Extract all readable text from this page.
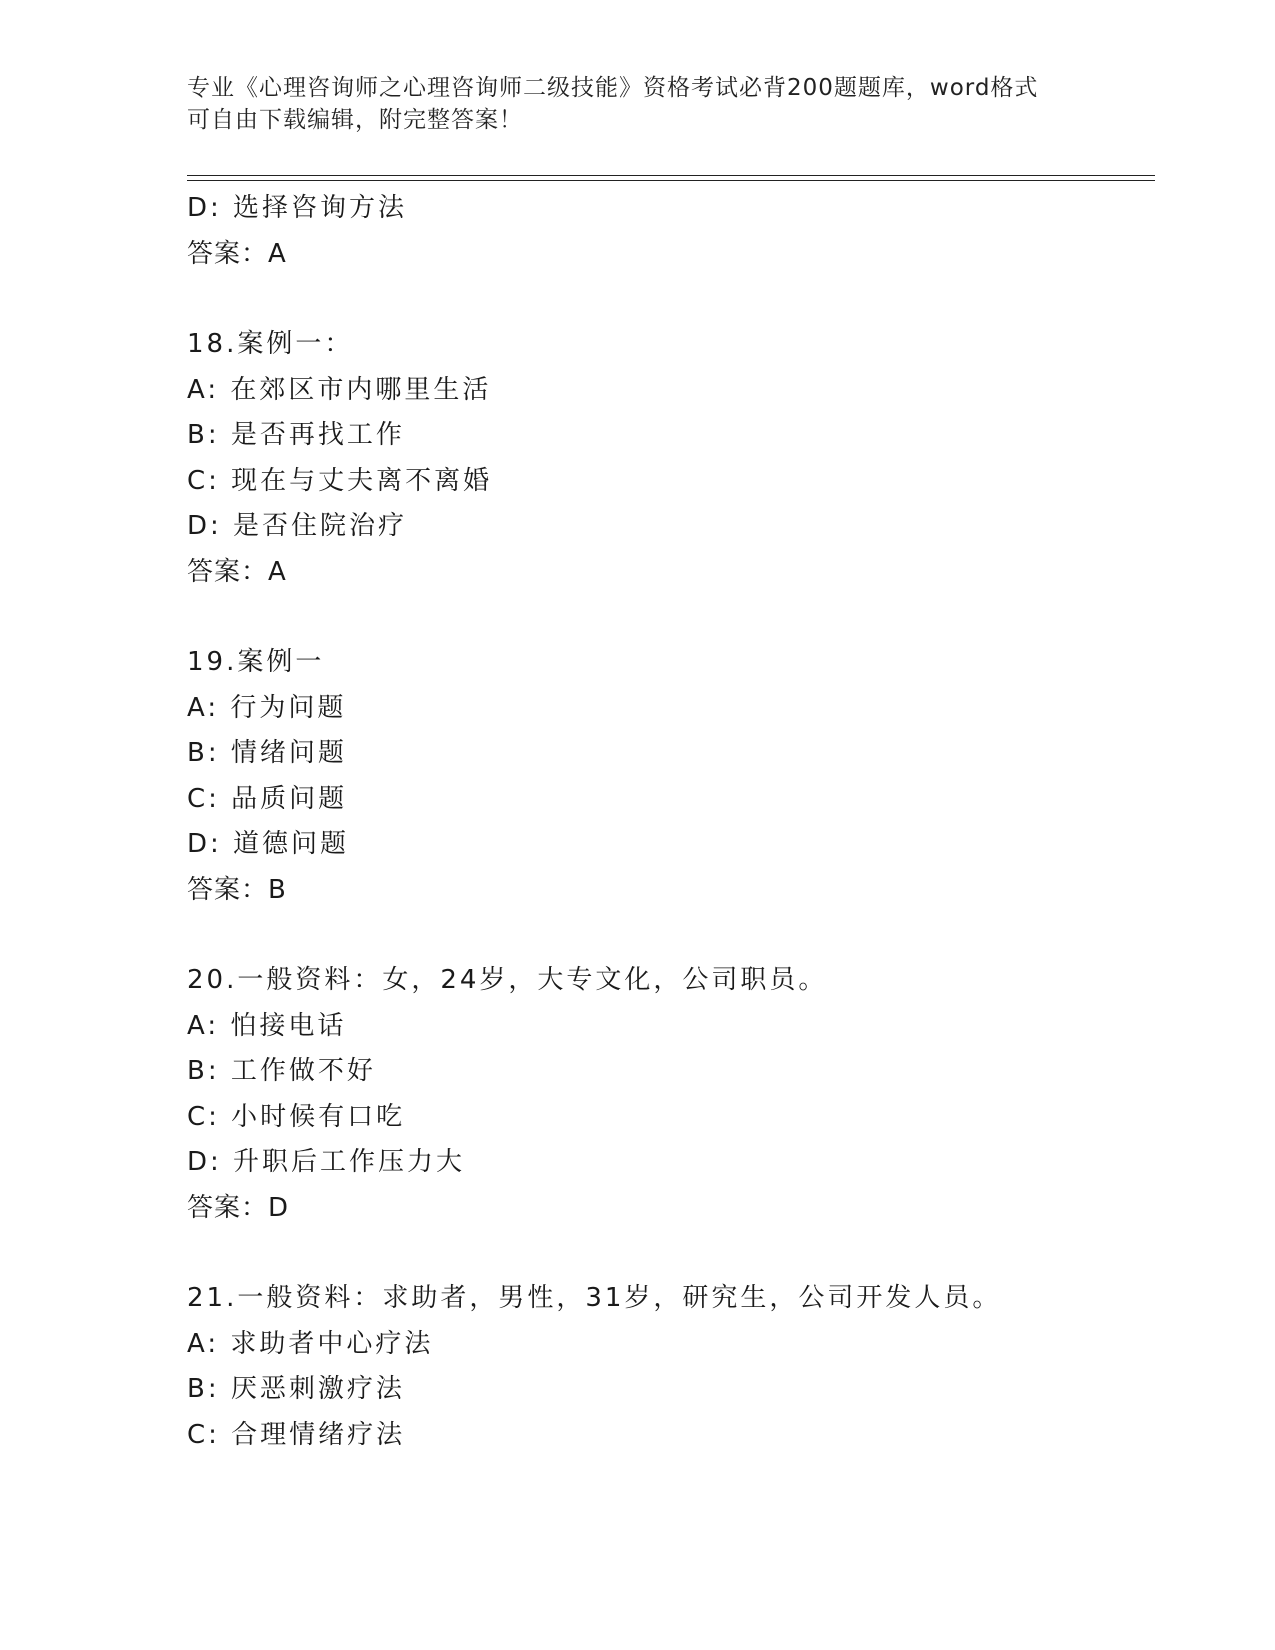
专业《心理咨询师之心理咨询师二级技能》资格考试必背200题题库，word格式
可自由下载编辑，附完整答案！
D: 选择咨询方法
答案：A
18.案例一：
A: 在郊区市内哪里生活
B: 是否再找工作
C: 现在与丈夫离不离婚
D: 是否住院治疗
答案：A
19.案例一
A: 行为问题
B: 情绪问题
C: 品质问题
D: 道德问题
答案：B
20.一般资料：女，24岁，大专文化，公司职员。
A: 怕接电话
B: 工作做不好
C: 小时候有口吃
D: 升职后工作压力大
答案：D
21.一般资料：求助者，男性，31岁，研究生，公司开发人员。
A: 求助者中心疗法
B: 厌恶刺激疗法
C: 合理情绪疗法
